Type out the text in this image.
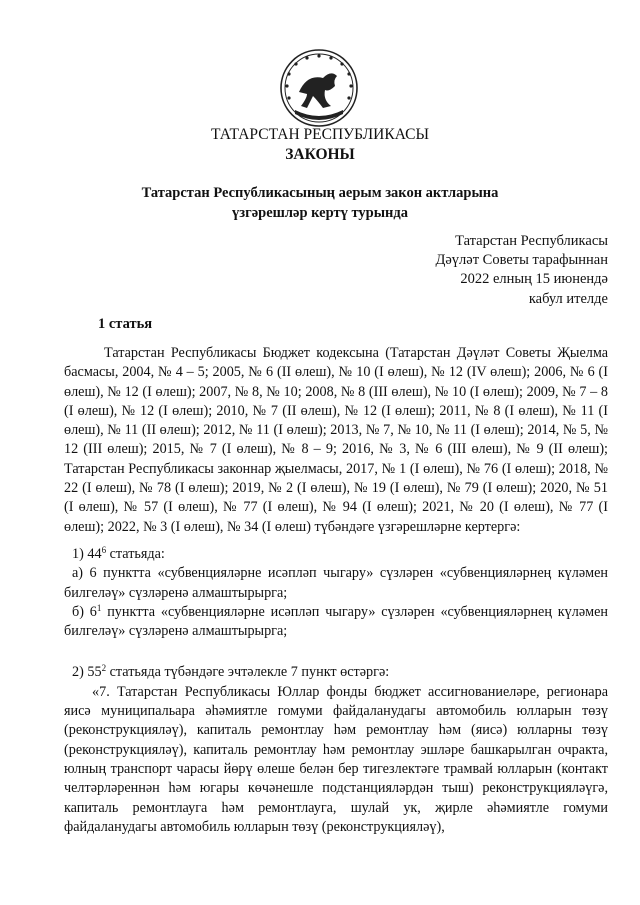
ТАТАРСТАН РЕСПУБЛИКАСЫ
ЗАКОНЫ
Татарстан Республикасының аерым закон актларына
үзгәрешләр кертү турында
Татарстан Республикасы
Дәүләт Советы тарафыннан
2022 елның 15 июнендә
кабул ителде
1 статья

Татарстан Республикасы Бюджет кодексына (Татарстан Дәүләт Советы Җыелма басмасы, 2004, № 4 – 5; 2005, № 6 (II өлеш), № 10 (I өлеш), № 12 (IV өлеш); 2006, № 6 (I өлеш), № 12 (I өлеш); 2007, № 8, № 10; 2008, № 8 (III өлеш), № 10 (I өлеш); 2009, № 7 – 8 (I өлеш), № 12 (I өлеш); 2010, № 7 (II өлеш), № 12 (I өлеш); 2011, № 8 (I өлеш), № 11 (I өлеш), № 11 (II өлеш); 2012, № 11 (I өлеш); 2013, № 7, № 10, № 11 (I өлеш); 2014, № 5, № 12 (III өлеш); 2015, № 7 (I өлеш), № 8 – 9; 2016, № 3, № 6 (III өлеш), № 9 (II өлеш); Татарстан Республикасы законнар җыелмасы, 2017, № 1 (I өлеш), № 76 (I өлеш); 2018, № 22 (I өлеш), № 78 (I өлеш); 2019, № 2 (I өлеш), № 19 (I өлеш), № 79 (I өлеш); 2020, № 51 (I өлеш), № 57 (I өлеш), № 77 (I өлеш), № 94 (I өлеш); 2021, № 20 (I өлеш), № 77 (I өлеш); 2022, № 3 (I өлеш), № 34 (I өлеш) түбәндәге үзгәрешләрне кертергә:

1) $44^6$ статьяда:

а) 6 пунктта «субвенцияләрне исәпләп чыгару» сүзләрен «субвенцияләрнең күләмен билгеләү» сүзләренә алмаштырырга;

б) $6^1$ пунктта «субвенцияләрне исәпләп чыгару» сүзләрен «субвенцияләрнең күләмен билгеләү» сүзләренә алмаштырырга;

2) $55^2$ статьяда түбәндәге эчтәлекле 7 пункт өстәргә:

«7. Татарстан Республикасы Юллар фонды бюджет ассигнованиеләре, регионара яисә муниципальара әһәмиятле гомуми файдаланудагы автомобиль юлларын төзү (реконструкцияләү), капиталь ремонтлау һәм ремонтлау һәм (яисә) юлларны төзү (реконструкцияләү), капиталь ремонтлау һәм ремонтлау эшләре башкарылган очракта, юлның транспорт чарасы йөрү өлеше белән бер тигезлектәге трамвай юлларын (контакт челтәрләреннән һәм югары көчәнешле подстанцияләрдән тыш) реконструкцияләүгә, капиталь ремонтлауга һәм ремонтлауга, шулай ук, җирле әһәмиятле гомуми файдаланудагы автомобиль юлларын төзү (реконструкцияләү),
